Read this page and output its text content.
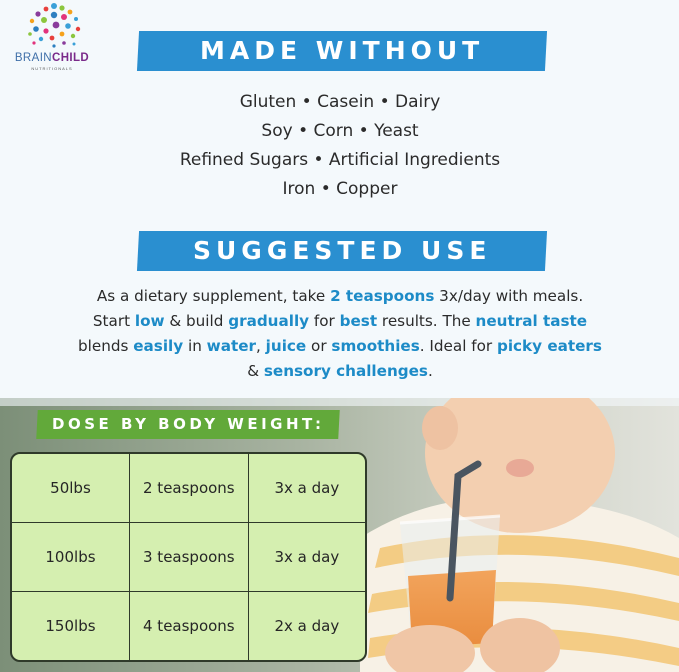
BRAINCHILD
NUTRITIONALS
MADE WITHOUT
Gluten • Casein • Dairy
Soy • Corn • Yeast
Refined Sugars • Artificial Ingredients
Iron • Copper
SUGGESTED USE
As a dietary supplement, take 2 teaspoons 3x/day with meals.
Start low & build gradually for best results. The neutral taste
blends easily in water, juice or smoothies. Ideal for picky eaters
& sensory challenges.
DOSE BY BODY WEIGHT:
50lbs	2 teaspoons	3x a day
100lbs	3 teaspoons	3x a day
150lbs	4 teaspoons	2x a day
